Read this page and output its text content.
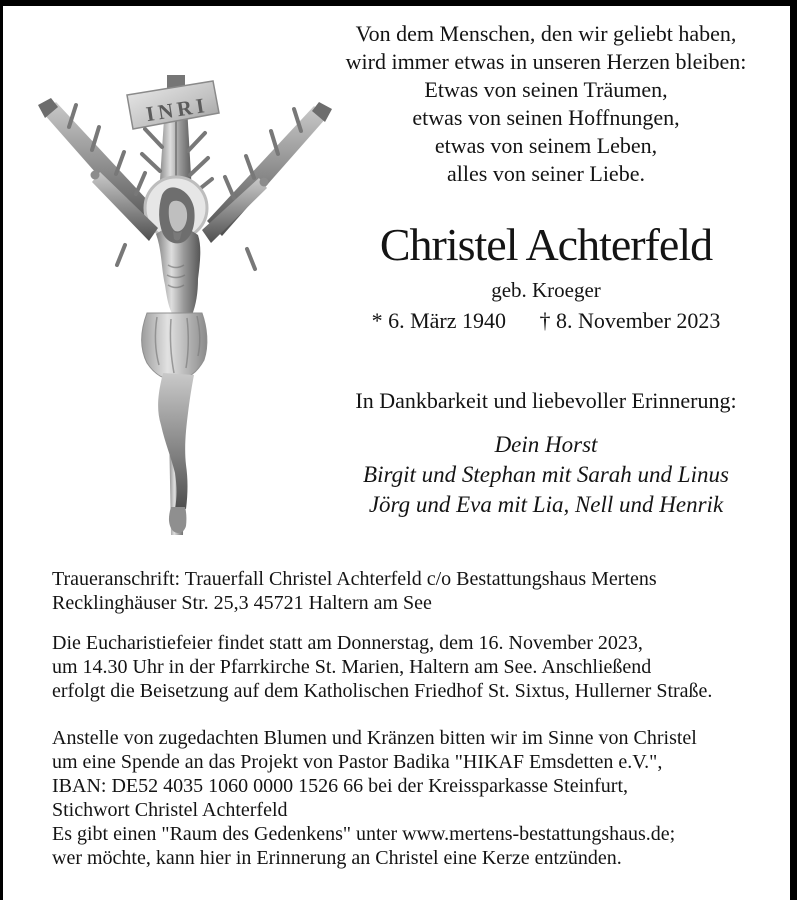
INRI
Von dem Menschen, den wir geliebt haben,
wird immer etwas in unseren Herzen bleiben:
Etwas von seinen Träumen,
etwas von seinen Hoffnungen,
etwas von seinem Leben,
alles von seiner Liebe.
Christel Achterfeld
geb. Kroeger
* 6. März 1940 † 8. November 2023
In Dankbarkeit und liebevoller Erinnerung:
Dein Horst
Birgit und Stephan mit Sarah und Linus
Jörg und Eva mit Lia, Nell und Henrik
Traueranschrift: Trauerfall Christel Achterfeld c/o Bestattungshaus Mertens
Recklinghäuser Str. 25,3 45721 Haltern am See
Die Eucharistiefeier findet statt am Donnerstag, dem 16. November 2023,
um 14.30 Uhr in der Pfarrkirche St. Marien, Haltern am See. Anschließend
erfolgt die Beisetzung auf dem Katholischen Friedhof St. Sixtus, Hullerner Straße.
Anstelle von zugedachten Blumen und Kränzen bitten wir im Sinne von Christel
um eine Spende an das Projekt von Pastor Badika "HIKAF Emsdetten e.V.",
IBAN: DE52 4035 1060 0000 1526 66 bei der Kreissparkasse Steinfurt,
Stichwort Christel Achterfeld
Es gibt einen "Raum des Gedenkens" unter www.mertens-bestattungshaus.de;
wer möchte, kann hier in Erinnerung an Christel eine Kerze entzünden.
